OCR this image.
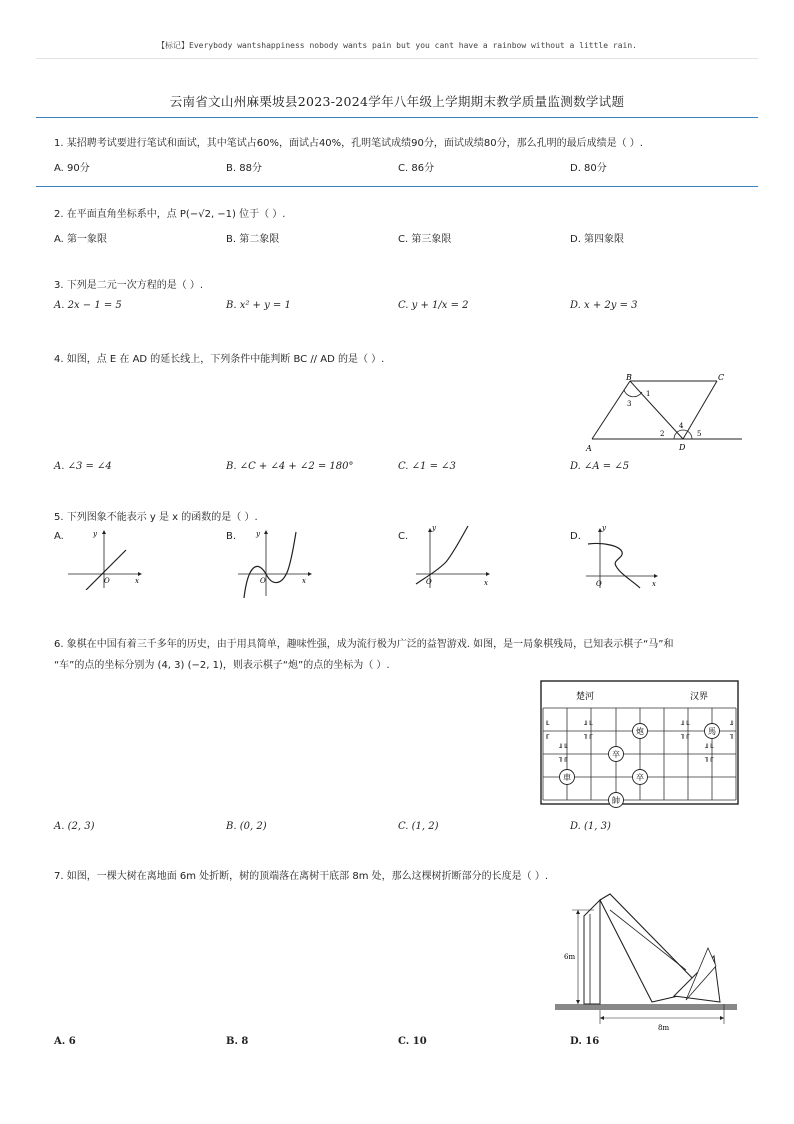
【标记】Everybody wantshappiness nobody wants pain but you cant have a rainbow without a little rain.
云南省文山州麻栗坡县2023-2024学年八年级上学期期末教学质量监测数学试题
1. 某招聘考试要进行笔试和面试，其中笔试占60%，面试占40%，孔明笔试成绩90分，面试成绩80分，那么孔明的最后成绩是（ ）.
A. 90分	B. 88分	C. 86分	D. 80分
2. 在平面直角坐标系中，点 P(−√2, −1) 位于（ ）.
A. 第一象限	B. 第二象限	C. 第三象限	D. 第四象限
3. 下列是二元一次方程的是（ ）.
A. 2x − 1 = 5	B. x² + y = 1	C. y + 1/x = 2	D. x + 2y = 3
4. 如图，点 E 在 AD 的延长线上，下列条件中能判断 BC // AD 的是（ ）.
B	C
A	D
1
2
3
4
5
A. ∠3 = ∠4	B. ∠C + ∠4 + ∠2 = 180°	C. ∠1 = ∠3	D. ∠A = ∠5
5. 下列图象不能表示 y 是 x 的函数的是（ ）.
A.	B.	C.	D.
y
x
O
y
x
O
y
x
O
y
x
O
6. 象棋在中国有着三千多年的历史，由于用具简单，趣味性强，成为流行极为广泛的益智游戏. 如图，是一局象棋残局，已知表示棋子“马”和
“车”的点的坐标分别为 (4, 3) (−2, 1)，则表示棋子“炮”的点的坐标为（ ）.
楚河	汉界
╙
╓
╜╙
╖╓
╜╙
╖╓
╜╙
╖╓
╜
╖
╜╙
╖╓
炮	馬
卒
車	卒
帥
A. (2, 3)	B. (0, 2)	C. (1, 2)	D. (1, 3)
7. 如图，一棵大树在离地面 6m 处折断，树的顶端落在离树干底部 8m 处，那么这棵树折断部分的长度是（ ）.
6m
8m
A. 6	B. 8	C. 10	D. 16
